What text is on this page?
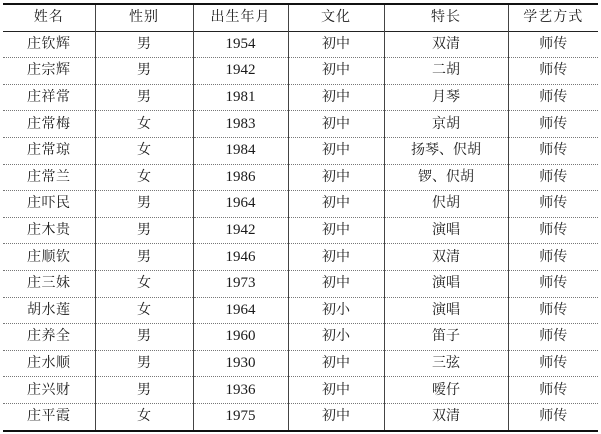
姓名	性别	出生年月	文化	特长	学艺方式
庄钦辉	男	1954	初中	双清	师传
庄宗辉	男	1942	初中	二胡	师传
庄祥常	男	1981	初中	月琴	师传
庄常梅	女	1983	初中	京胡	师传
庄常琼	女	1984	初中	扬琴、伬胡	师传
庄常兰	女	1986	初中	锣、伬胡	师传
庄吓民	男	1964	初中	伬胡	师传
庄木贵	男	1942	初中	演唱	师传
庄顺钦	男	1946	初中	双清	师传
庄三妹	女	1973	初中	演唱	师传
胡水莲	女	1964	初小	演唱	师传
庄养全	男	1960	初小	笛子	师传
庄水顺	男	1930	初中	三弦	师传
庄兴财	男	1936	初中	嗳仔	师传
庄平霞	女	1975	初中	双清	师传
